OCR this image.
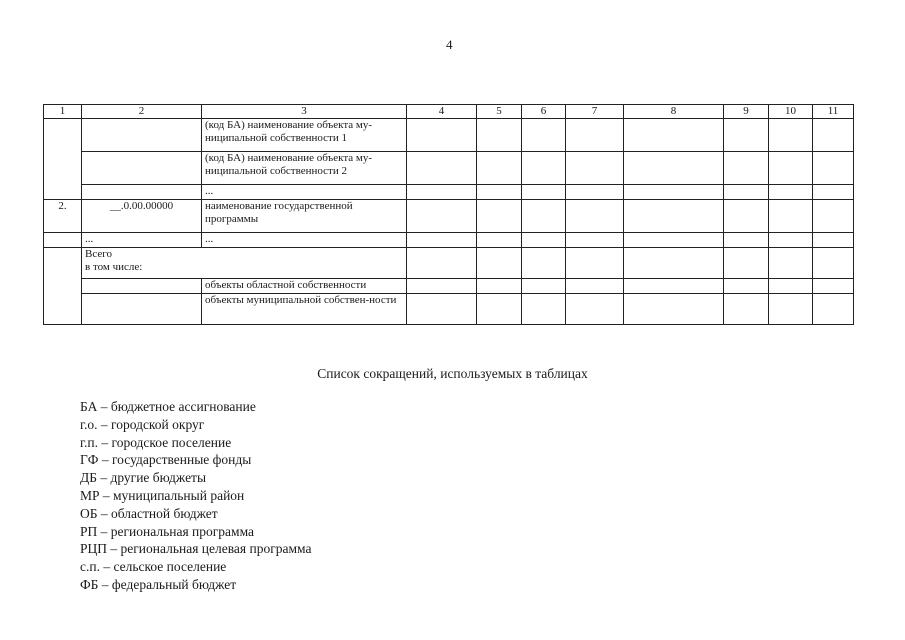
4
1	2	3	4	5	6	7	8	9	10	11
		(код БА) наименование объекта му-ниципальной собственности 1								
		(код БА) наименование объекта му-ниципальной собственности 2								
		...								
2.	__.0.00.00000	наименование государственной программы								
	...	...								
	Всего
в том числе:									
		объекты областной собственности								
		объекты муниципальной собствен-ности								
Список сокращений, используемых в таблицах
БА – бюджетное ассигнование
г.о. – городской округ
г.п. – городское поселение
ГФ – государственные фонды
ДБ – другие бюджеты
МР – муниципальный район
ОБ – областной бюджет
РП – региональная программа
РЦП – региональная целевая программа
с.п. – сельское поселение
ФБ – федеральный бюджет
